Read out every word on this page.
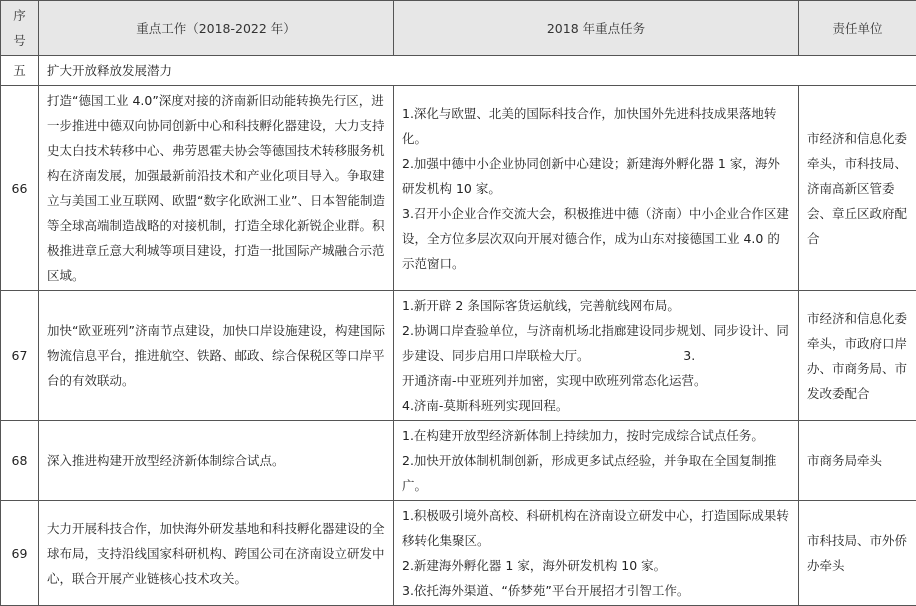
序号	重点工作（2018-2022 年）	2018 年重点任务	责任单位
五	扩大开放释放发展潜力		
66	打造“德国工业 4.0”深度对接的济南新旧动能转换先行区，进一步推进中德双向协同创新中心和科技孵化器建设，大力支持史太白技术转移中心、弗劳恩霍夫协会等德国技术转移服务机构在济南发展，加强最新前沿技术和产业化项目导入。争取建立与美国工业互联网、欧盟“数字化欧洲工业”、日本智能制造等全球高端制造战略的对接机制，打造全球化新锐企业群。积极推进章丘意大利城等项目建设，打造一批国际产城融合示范区域。	1.深化与欧盟、北美的国际科技合作，加快国外先进科技成果落地转化。
2.加强中德中小企业协同创新中心建设；新建海外孵化器 1 家，海外研发机构 10 家。
3.召开小企业合作交流大会，积极推进中德（济南）中小企业合作区建设，全方位多层次双向开展对德合作，成为山东对接德国工业 4.0 的示范窗口。	市经济和信息化委牵头，市科技局、济南高新区管委会、章丘区政府配合
67	加快“欧亚班列”济南节点建设，加快口岸设施建设，构建国际物流信息平台，推进航空、铁路、邮政、综合保税区等口岸平台的有效联动。	1.新开辟 2 条国际客货运航线，完善航线网布局。
2.协调口岸查验单位，与济南机场北指廊建设同步规划、同步设计、同步建设、同步启用口岸联检大厅。　　　　　　　　3.
开通济南-中亚班列并加密，实现中欧班列常态化运营。
4.济南-莫斯科班列实现回程。	市经济和信息化委牵头，市政府口岸办、市商务局、市发改委配合
68	深入推进构建开放型经济新体制综合试点。	1.在构建开放型经济新体制上持续加力，按时完成综合试点任务。
2.加快开放体制机制创新，形成更多试点经验，并争取在全国复制推广。	市商务局牵头
69	大力开展科技合作，加快海外研发基地和科技孵化器建设的全球布局，支持沿线国家科研机构、跨国公司在济南设立研发中心，联合开展产业链核心技术攻关。	1.积极吸引境外高校、科研机构在济南设立研发中心，打造国际成果转移转化集聚区。
2.新建海外孵化器 1 家，海外研发机构 10 家。
3.依托海外渠道、“侨梦苑”平台开展招才引智工作。	市科技局、市外侨办牵头
